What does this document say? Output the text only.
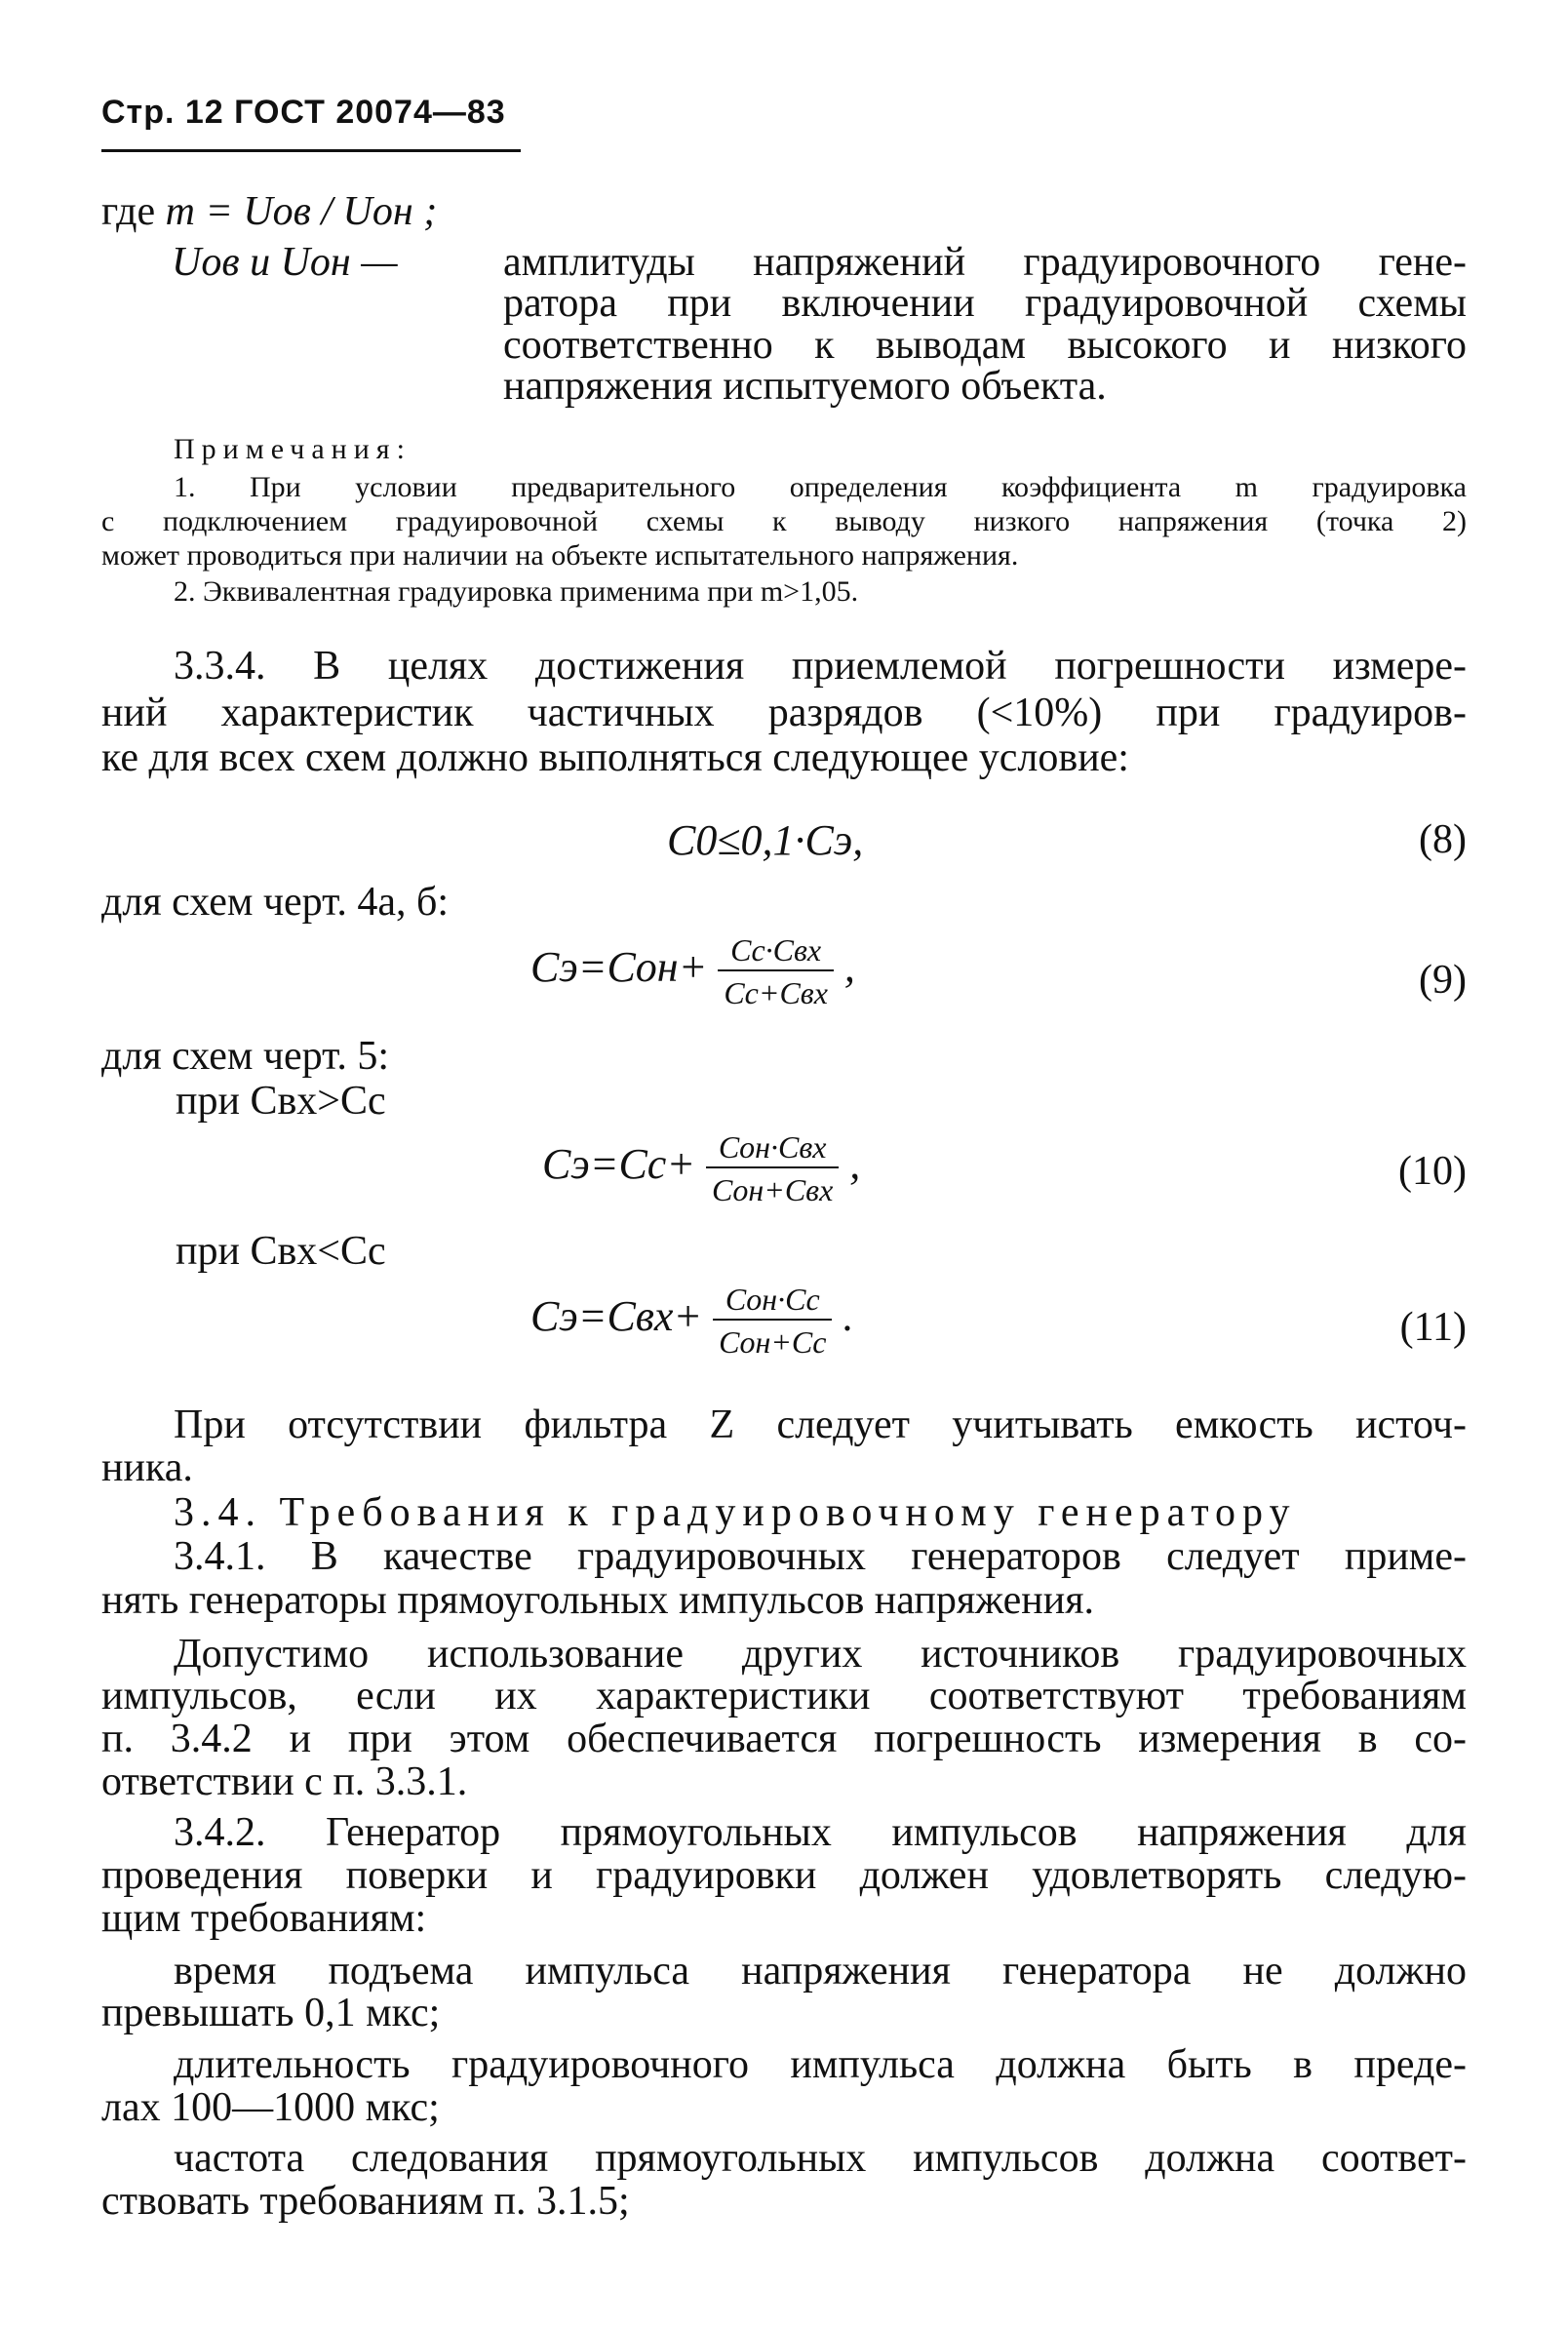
Стр. 12 ГОСТ 20074—83
где m = Uов / Uон ;
Uов и Uон —	амплитуды напряжений градуировочного гене-
ратора при включении градуировочной схемы
соответственно к выводам высокого и низкого
напряжения испытуемого объекта.
Примечания:
1. При условии предварительного определения коэффициента m градуировка
с подключением градуировочной схемы к выводу низкого напряжения (точка 2)
может проводиться при наличии на объекте испытательного напряжения.
2. Эквивалентная градуировка применима при m>1,05.
3.3.4. В целях достижения приемлемой погрешности измере-
ний характеристик частичных разрядов (<10%) при градуиров-
ке для всех схем должно выполняться следующее условие:
C0≤0,1·Cэ,	(8)
для схем черт. 4а, б:
$Cэ=Cон+ \frac{\text{Cс·Cвх}}{\text{Cс+Cвх}}$ ,	(9)
для схем черт. 5:
при Cвх>Cс
$Cэ=Cс+ \frac{\text{Cон·Cвх}}{\text{Cон+Cвх}}$ ,	(10)
при Cвх<Cс
$Cэ=Cвх+ \frac{\text{Cон·Cс}}{\text{Cон+Cс}}$ .	(11)
При отсутствии фильтра Z следует учитывать емкость источ-
ника.
3.4. Требования к градуировочному генератору
3.4.1. В качестве градуировочных генераторов следует приме-
нять генераторы прямоугольных импульсов напряжения.
Допустимо использование других источников градуировочных
импульсов, если их характеристики соответствуют требованиям
п. 3.4.2 и при этом обеспечивается погрешность измерения в со-
ответствии с п. 3.3.1.
3.4.2. Генератор прямоугольных импульсов напряжения для
проведения поверки и градуировки должен удовлетворять следую-
щим требованиям:
время подъема импульса напряжения генератора не должно
превышать 0,1 мкс;
длительность градуировочного импульса должна быть в преде-
лах 100—1000 мкс;
частота следования прямоугольных импульсов должна соответ-
ствовать требованиям п. 3.1.5;
